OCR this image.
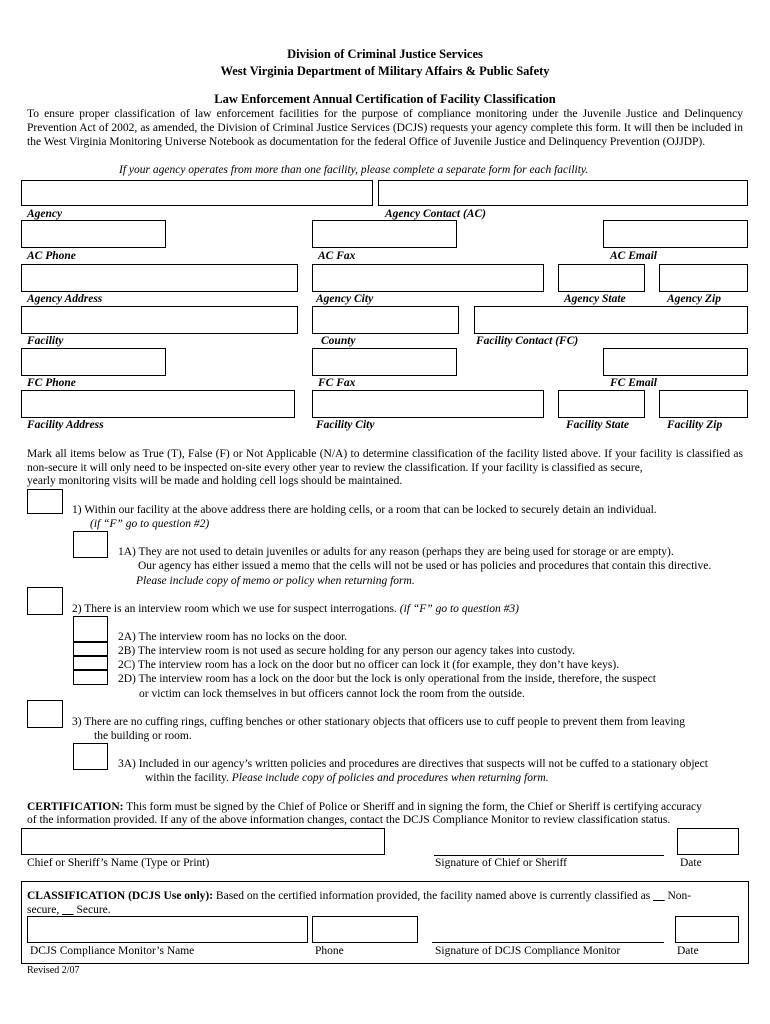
Division of Criminal Justice Services
West Virginia Department of Military Affairs & Public Safety
Law Enforcement Annual Certification of Facility Classification
To ensure proper classification of law enforcement facilities for the purpose of compliance monitoring under the Juvenile Justice and Delinquency Prevention Act of 2002, as amended, the Division of Criminal Justice Services (DCJS) requests your agency complete this form. It will then be included in the West Virginia Monitoring Universe Notebook as documentation for the federal Office of Juvenile Justice and Delinquency Prevention (OJJDP).
If your agency operates from more than one facility, please complete a separate form for each facility.
Agency	Agency Contact (AC)
AC Phone	AC Fax	AC Email
Agency Address	Agency City	Agency State	Agency Zip
Facility	County	Facility Contact (FC)
FC Phone	FC Fax	FC Email
Facility Address	Facility City	Facility State	Facility Zip
Mark all items below as True (T), False (F) or Not Applicable (N/A) to determine classification of the facility listed above. If your facility is classified as non-secure it will only need to be inspected on-site every other year to review the classification. If your facility is classified as secure,
yearly monitoring visits will be made and holding cell logs should be maintained.
1) Within our facility at the above address there are holding cells, or a room that can be locked to securely detain an individual.
(if “F” go to question #2)
1A) They are not used to detain juveniles or adults for any reason (perhaps they are being used for storage or are empty).
Our agency has either issued a memo that the cells will not be used or has policies and procedures that contain this directive.
Please include copy of memo or policy when returning form.
2) There is an interview room which we use for suspect interrogations. (if “F” go to question #3)
2A) The interview room has no locks on the door.
2B) The interview room is not used as secure holding for any person our agency takes into custody.
2C) The interview room has a lock on the door but no officer can lock it (for example, they don’t have keys).
2D) The interview room has a lock on the door but the lock is only operational from the inside, therefore, the suspect
or victim can lock themselves in but officers cannot lock the room from the outside.
3) There are no cuffing rings, cuffing benches or other stationary objects that officers use to cuff people to prevent them from leaving
the building or room.
3A) Included in our agency’s written policies and procedures are directives that suspects will not be cuffed to a stationary object
within the facility. Please include copy of policies and procedures when returning form.
CERTIFICATION: This form must be signed by the Chief of Police or Sheriff and in signing the form, the Chief or Sheriff is certifying accuracy
of the information provided. If any of the above information changes, contact the DCJS Compliance Monitor to review classification status.
Chief or Sheriff’s Name (Type or Print)	Signature of Chief or Sheriff	Date
CLASSIFICATION (DCJS Use only): Based on the certified information provided, the facility named above is currently classified as __ Non-
secure, __ Secure.
DCJS Compliance Monitor’s Name	Phone	Signature of DCJS Compliance Monitor	Date
Revised 2/07
